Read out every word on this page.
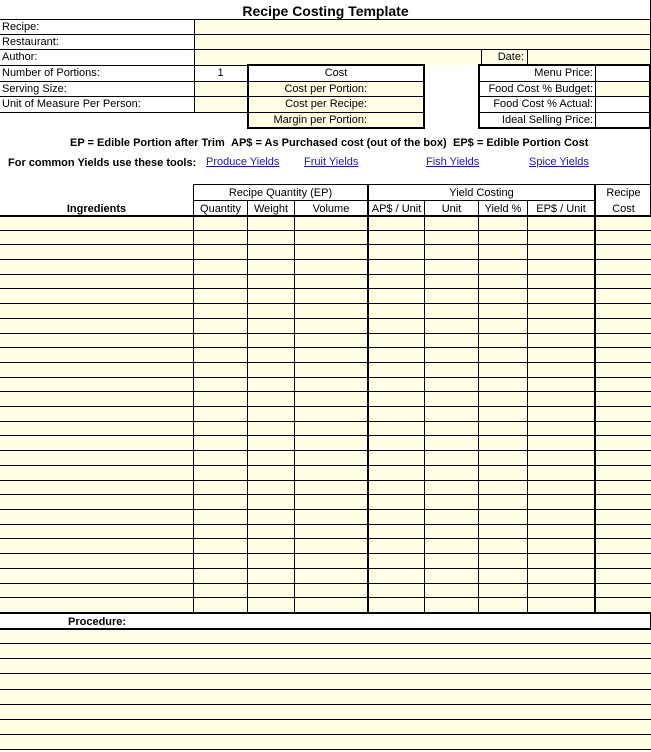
Recipe Costing Template
Recipe:
Restaurant:
Author:	Date:
Number of Portions:	1
Serving Size:
Unit of Measure Per Person:
Cost
Cost per Portion:
Cost per Recipe:
Margin per Portion:
Menu Price:
Food Cost % Budget:
Food Cost % Actual:
Ideal Selling Price:
EP = Edible Portion after Trim AP$ = As Purchased cost (out of the box) EP$ = Edible Portion Cost
For common Yields use these tools: Produce Yields Fruit Yields	Fish Yields	Spice Yields
Recipe Quantity (EP)	Yield Costing	Recipe
Ingredients	Quantity	Weight	Volume	AP$ / Unit	Unit	Yield %	EP$ / Unit	Cost
Procedure:
